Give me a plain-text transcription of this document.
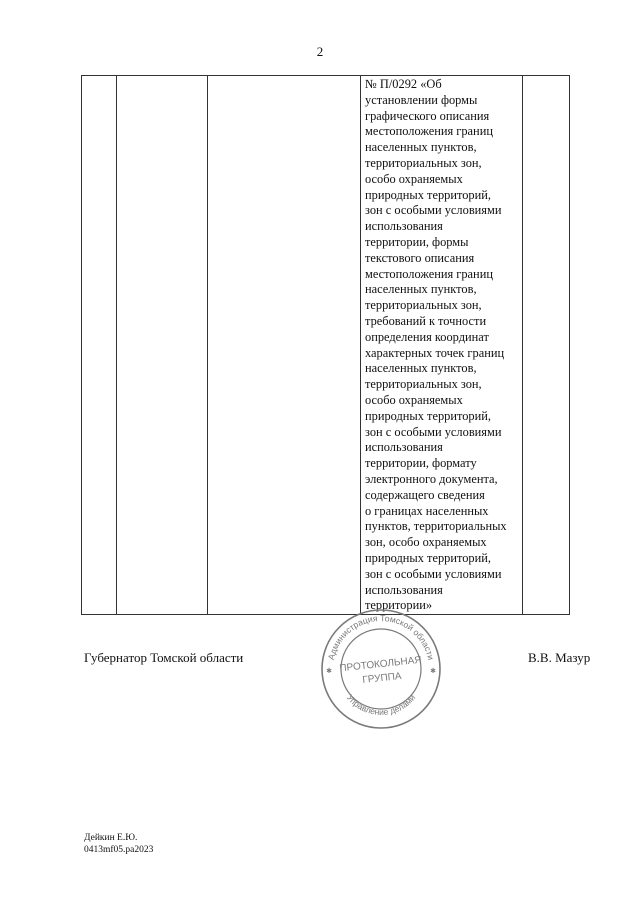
2

№ П/0292 «Об
установлении формы
графического описания
местоположения границ
населенных пунктов,
территориальных зон,
особо охраняемых
природных территорий,
зон с особыми условиями
использования
территории, формы
текстового описания
местоположения границ
населенных пунктов,
территориальных зон,
требований к точности
определения координат
характерных точек границ
населенных пунктов,
территориальных зон,
особо охраняемых
природных территорий,
зон с особыми условиями
использования
территории, формату
электронного документа,
содержащего сведения
о границах населенных
пунктов, территориальных
зон, особо охраняемых
природных территорий,
зон с особыми условиями
использования
территории»

Губернатор Томской области	В.В. Мазур
Администрация Томской области
Управление делами
ПРОТОКОЛЬНАЯ
ГРУППА
✱	✱
Дейкин Е.Ю.
0413mf05.pa2023
